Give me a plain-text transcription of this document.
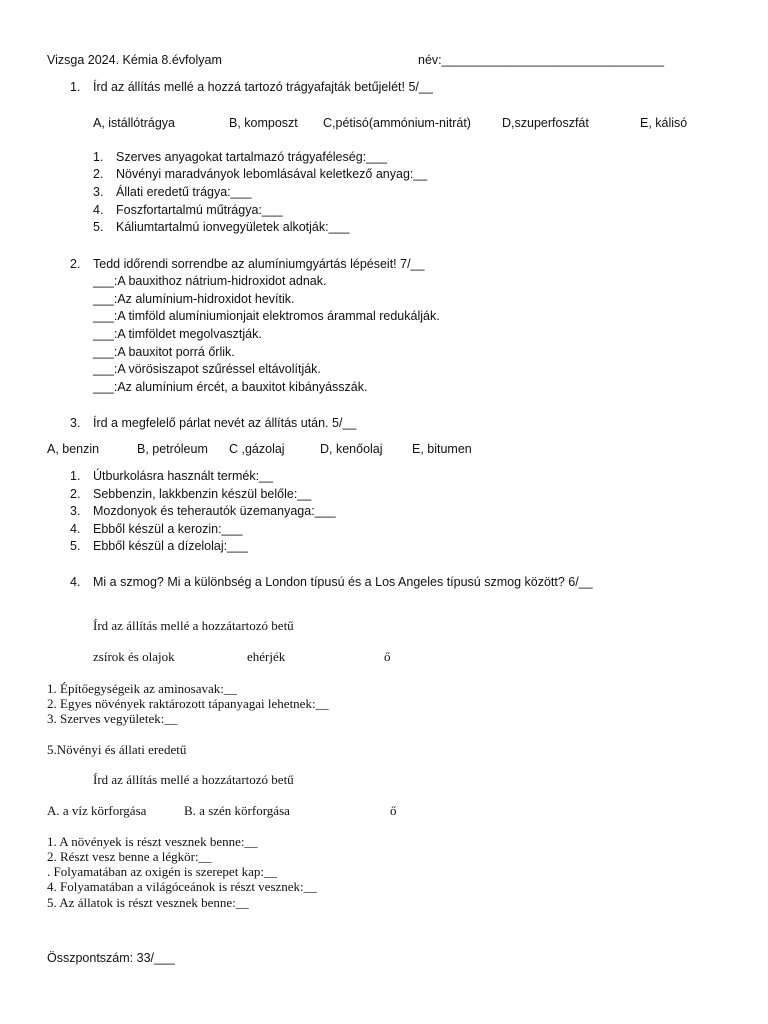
Vizsga 2024. Kémia 8.évfolyam	név:________________________________
1. Írd az állítás mellé a hozzá tartozó trágyafajták betűjelét! 5/__
A, istállótrágya	B, komposzt C,pétisó(ammónium-nitrát) D,szuperfoszfát	E, kálisó
1.	Szerves anyagokat tartalmazó trágyaféleség:___
2.	Növényi maradványok lebomlásával keletkező anyag:__
3.	Állati eredetű trágya:___
4.	Foszfortartalmú műtrágya:___
5.	Káliumtartalmú ionvegyületek alkotják:___
2. Tedd időrendi sorrendbe az alumíniumgyártás lépéseit! 7/__
___:A bauxithoz nátrium-hidroxidot adnak.
___:Az alumínium-hidroxidot hevítik.
___:A timföld alumíniumionjait elektromos árammal redukálják.
___:A timföldet megolvasztják.
___:A bauxitot porrá őrlik.
___:A vörösiszapot szűréssel eltávolítják.
___:Az alumínium ércét, a bauxitot kibányásszák.
3. Írd a megfelelő párlat nevét az állítás után. 5/__
A, benzin	B, petróleum C ,gázolaj	D, kenőolaj E, bitumen
1.	Útburkolásra használt termék:__
2.	Sebbenzin, lakkbenzin készül belőle:__
3.	Mozdonyok és teherautók üzemanyaga:___
4.	Ebből készül a kerozin:___
5.	Ebből készül a dízelolaj:___
4. Mi a szmog? Mi a különbség a London típusú és a Los Angeles típusú szmog között? 6/__
Írd az állítás mellé a hozzátartozó betű
zsírok és olajok	ehérjék	ő
1. Építőegységeik az aminosavak:__
2. Egyes növények raktározott tápanyagai lehetnek:__
3. Szerves vegyületek:__
5.Növényi és állati eredetű
Írd az állítás mellé a hozzátartozó betű
A. a víz körforgása	B. a szén körforgása	ő
1. A növények is részt vesznek benne:__
2. Részt vesz benne a légkör:__
. Folyamatában az oxigén is szerepet kap:__
4. Folyamatában a világóceánok is részt vesznek:__
5. Az állatok is részt vesznek benne:__
Összpontszám: 33/___
